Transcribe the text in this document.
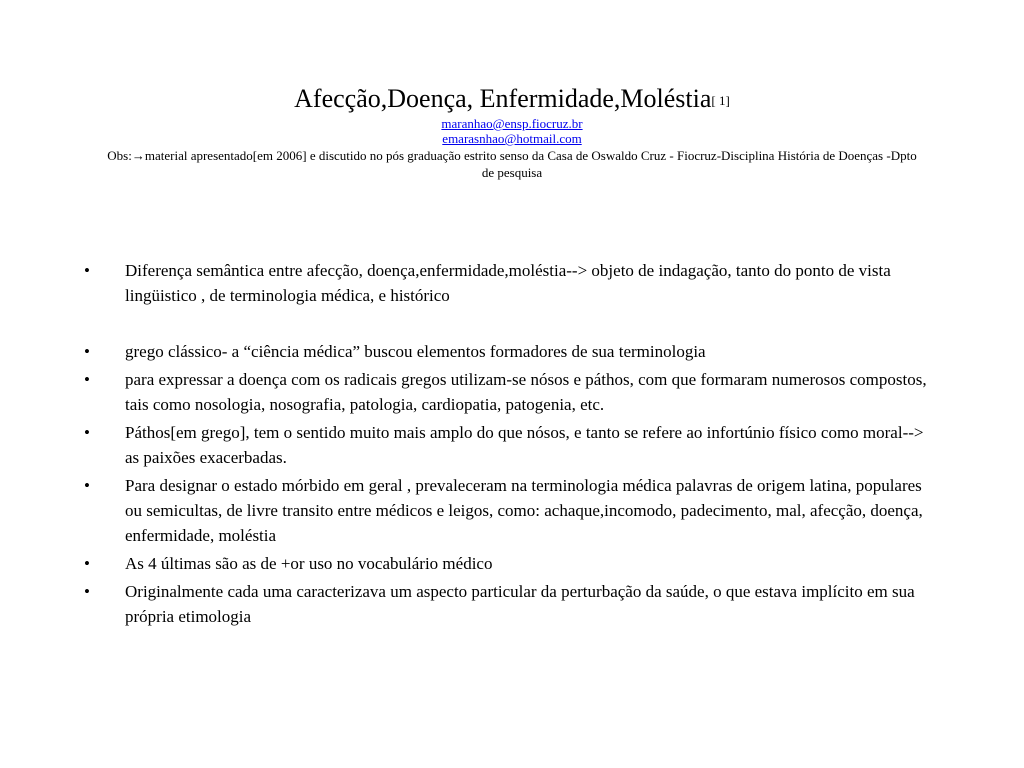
Afecção,Doença, Enfermidade,Moléstia[ 1]
maranhao@ensp.fiocruz.br
emarasnhao@hotmail.com
Obs:→material apresentado[em 2006] e discutido no pós graduação estrito senso da Casa de Oswaldo Cruz - Fiocruz-Disciplina História de Doenças -Dpto de pesquisa
• Diferença semântica entre afecção, doença,enfermidade,moléstia--> objeto de indagação, tanto do ponto de vista lingüistico , de terminologia médica, e histórico
• grego clássico- a “ciência médica” buscou elementos formadores de sua terminologia
• para expressar a doença com os radicais gregos utilizam-se nósos e páthos, com que formaram numerosos compostos, tais como nosologia, nosografia, patologia, cardiopatia, patogenia, etc.
• Páthos[em grego], tem o sentido muito mais amplo do que nósos, e tanto se refere ao infortúnio físico como moral--> as paixões exacerbadas.
• Para designar o estado mórbido em geral , prevaleceram na terminologia médica palavras de origem latina, populares ou semicultas, de livre transito entre médicos e leigos, como: achaque,incomodo, padecimento, mal, afecção, doença, enfermidade, moléstia
• As 4 últimas são as de +or uso no vocabulário médico
• Originalmente cada uma caracterizava um aspecto particular da perturbação da saúde, o que estava implícito em sua própria etimologia
